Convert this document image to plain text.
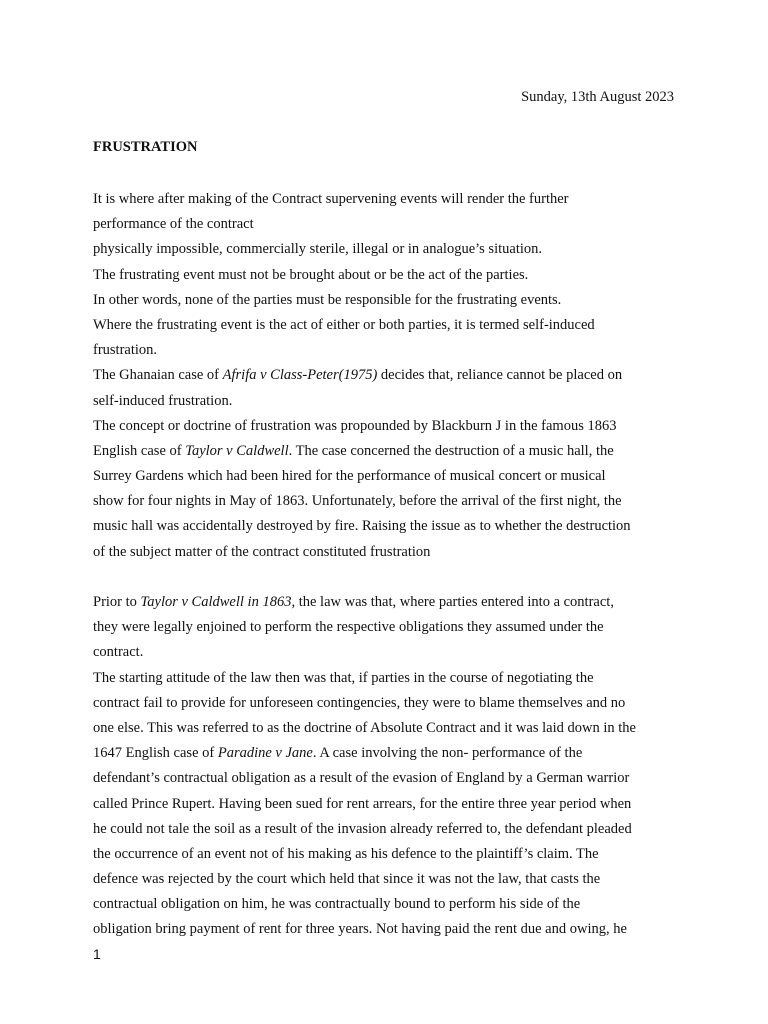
Sunday, 13th August 2023
FRUSTRATION
It is where after making of the Contract supervening events will render the further
performance of the contract
physically impossible, commercially sterile, illegal or in analogue’s situation.
The frustrating event must not be brought about or be the act of the parties.
In other words, none of the parties must be responsible for the frustrating events.
Where the frustrating event is the act of either or both parties, it is termed self-induced
frustration.
The Ghanaian case of Afrifa v Class-Peter(1975) decides that, reliance cannot be placed on
self-induced frustration.
The concept or doctrine of frustration was propounded by Blackburn J in the famous 1863
English case of Taylor v Caldwell. The case concerned the destruction of a music hall, the
Surrey Gardens which had been hired for the performance of musical concert or musical
show for four nights in May of 1863. Unfortunately, before the arrival of the first night, the
music hall was accidentally destroyed by fire. Raising the issue as to whether the destruction
of the subject matter of the contract constituted frustration
Prior to Taylor v Caldwell in 1863, the law was that, where parties entered into a contract,
they were legally enjoined to perform the respective obligations they assumed under the
contract.
The starting attitude of the law then was that, if parties in the course of negotiating the
contract fail to provide for unforeseen contingencies, they were to blame themselves and no
one else. This was referred to as the doctrine of Absolute Contract and it was laid down in the
1647 English case of Paradine v Jane. A case involving the non- performance of the
defendant’s contractual obligation as a result of the evasion of England by a German warrior
called Prince Rupert. Having been sued for rent arrears, for the entire three year period when
he could not tale the soil as a result of the invasion already referred to, the defendant pleaded
the occurrence of an event not of his making as his defence to the plaintiff’s claim. The
defence was rejected by the court which held that since it was not the law, that casts the
contractual obligation on him, he was contractually bound to perform his side of the
obligation bring payment of rent for three years. Not having paid the rent due and owing, he
1
